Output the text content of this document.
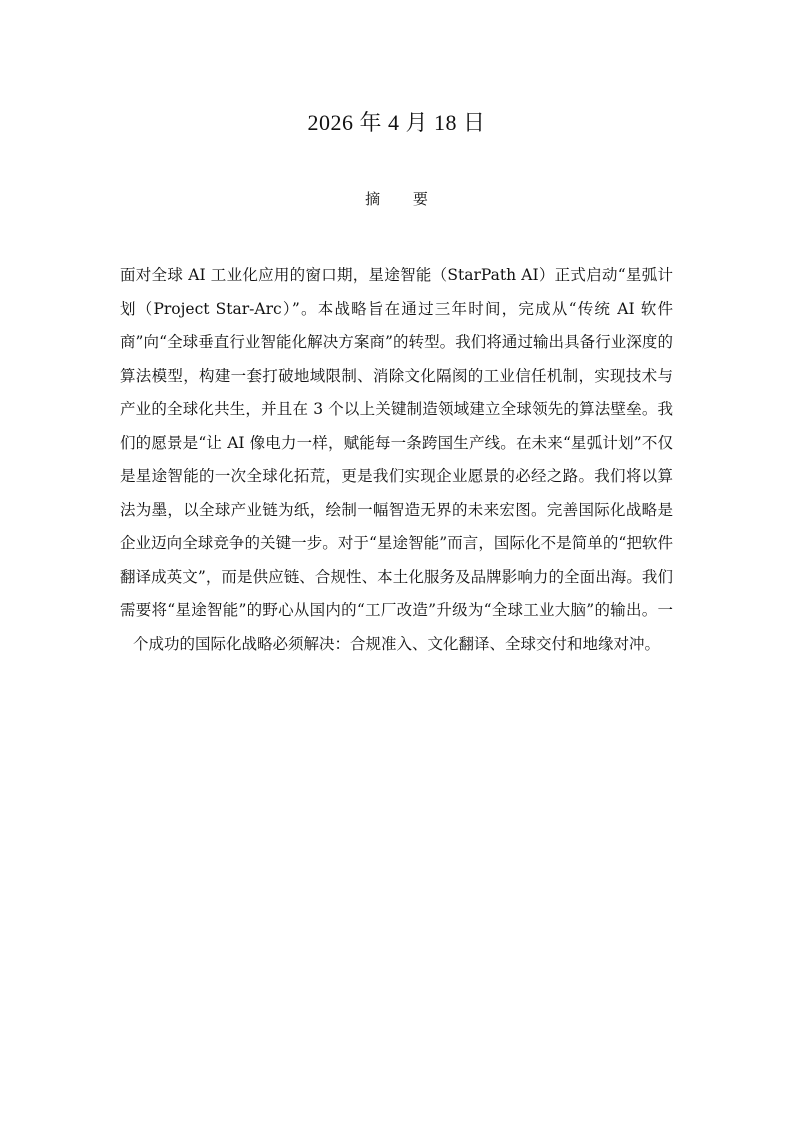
2026 年 4 月 18 日
摘 要

面对全球 AI 工业化应用的窗口期，星途智能（StarPath AI）正式启动“星弧计划（Project Star-Arc）”。本战略旨在通过三年时间，完成从“传统 AI 软件商”向“全球垂直行业智能化解决方案商”的转型。我们将通过输出具备行业深度的算法模型，构建一套打破地域限制、消除文化隔阂的工业信任机制，实现技术与产业的全球化共生，并且在 3 个以上关键制造领域建立全球领先的算法壁垒。我们的愿景是“让 AI 像电力一样，赋能每一条跨国生产线。在未来“星弧计划”不仅是星途智能的一次全球化拓荒，更是我们实现企业愿景的必经之路。我们将以算法为墨，以全球产业链为纸，绘制一幅智造无界的未来宏图。完善国际化战略是企业迈向全球竞争的关键一步。对于“星途智能”而言，国际化不是简单的“把软件翻译成英文”，而是供应链、合规性、本土化服务及品牌影响力的全面出海。我们需要将“星途智能”的野心从国内的“工厂改造”升级为“全球工业大脑”的输出。一个成功的国际化战略必须解决：合规准入、文化翻译、全球交付和地缘对冲。
